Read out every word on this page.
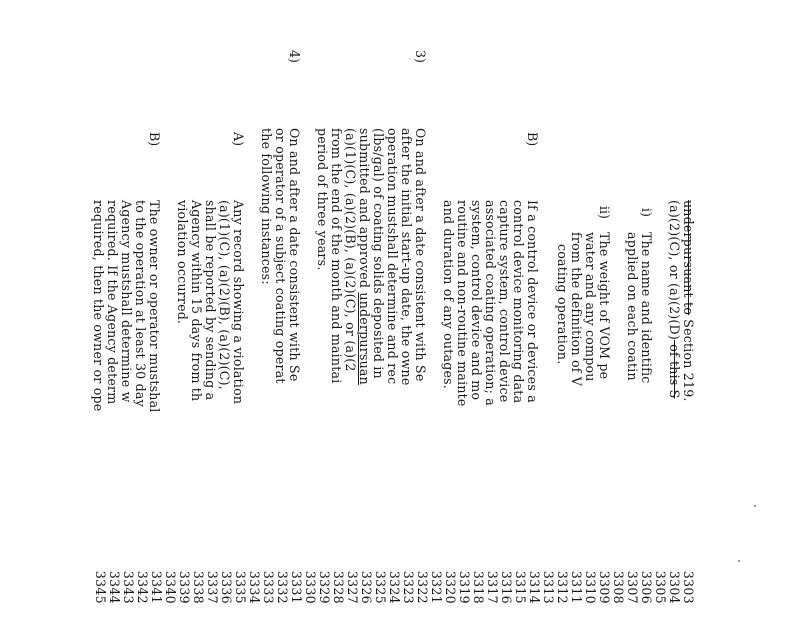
3303
3304
3305
3306
3307
3308
3309
3310
3311
3312
3313
3314
3315
3316
3317
3318
3319
3320
3321
3322
3323
3324
3325
3326
3327
3328
3329
3330
3331
3332
3333
3334
3335
3336
3337
3338
3339
3340
3341
3342
3343
3344
3345
underpursuant to Section 219.
(a)(2)(C), or (a)(2)(D) of this S
i)
The name and identific
applied on each coatin
ii)
The weight of VOM pe
water and any compou
from the definition of V
coating operation.
B)
If a control device or devices a
control device monitoring data
capture system, control device
associated coating operation; a
system, control device and mo
routine and non-routine mainte
and duration of any outages.
3)
On and after a date consistent with Se
after the initial start-up date, the owne
operation mustshall determine and rec
(lbs/gal) of coating solids deposited in
submitted and approved underpursuan
(a)(1)(C), (a)(2)(B), (a)(2)(C), or (a)(2
from the end of the month and maintai
period of three years.
4)
On and after a date consistent with Se
or operator of a subject coating operat
the following instances:
A)
Any record showing a violation
(a)(1)(C), (a)(2)(B), (a)(2)(C),
shall be reported by sending a
Agency within 15 days from th
violation occurred.
B)
The owner or operator mustshal
to the operation at least 30 day
Agency mustshall determine w
required. If the Agency determ
required, then the owner or ope
